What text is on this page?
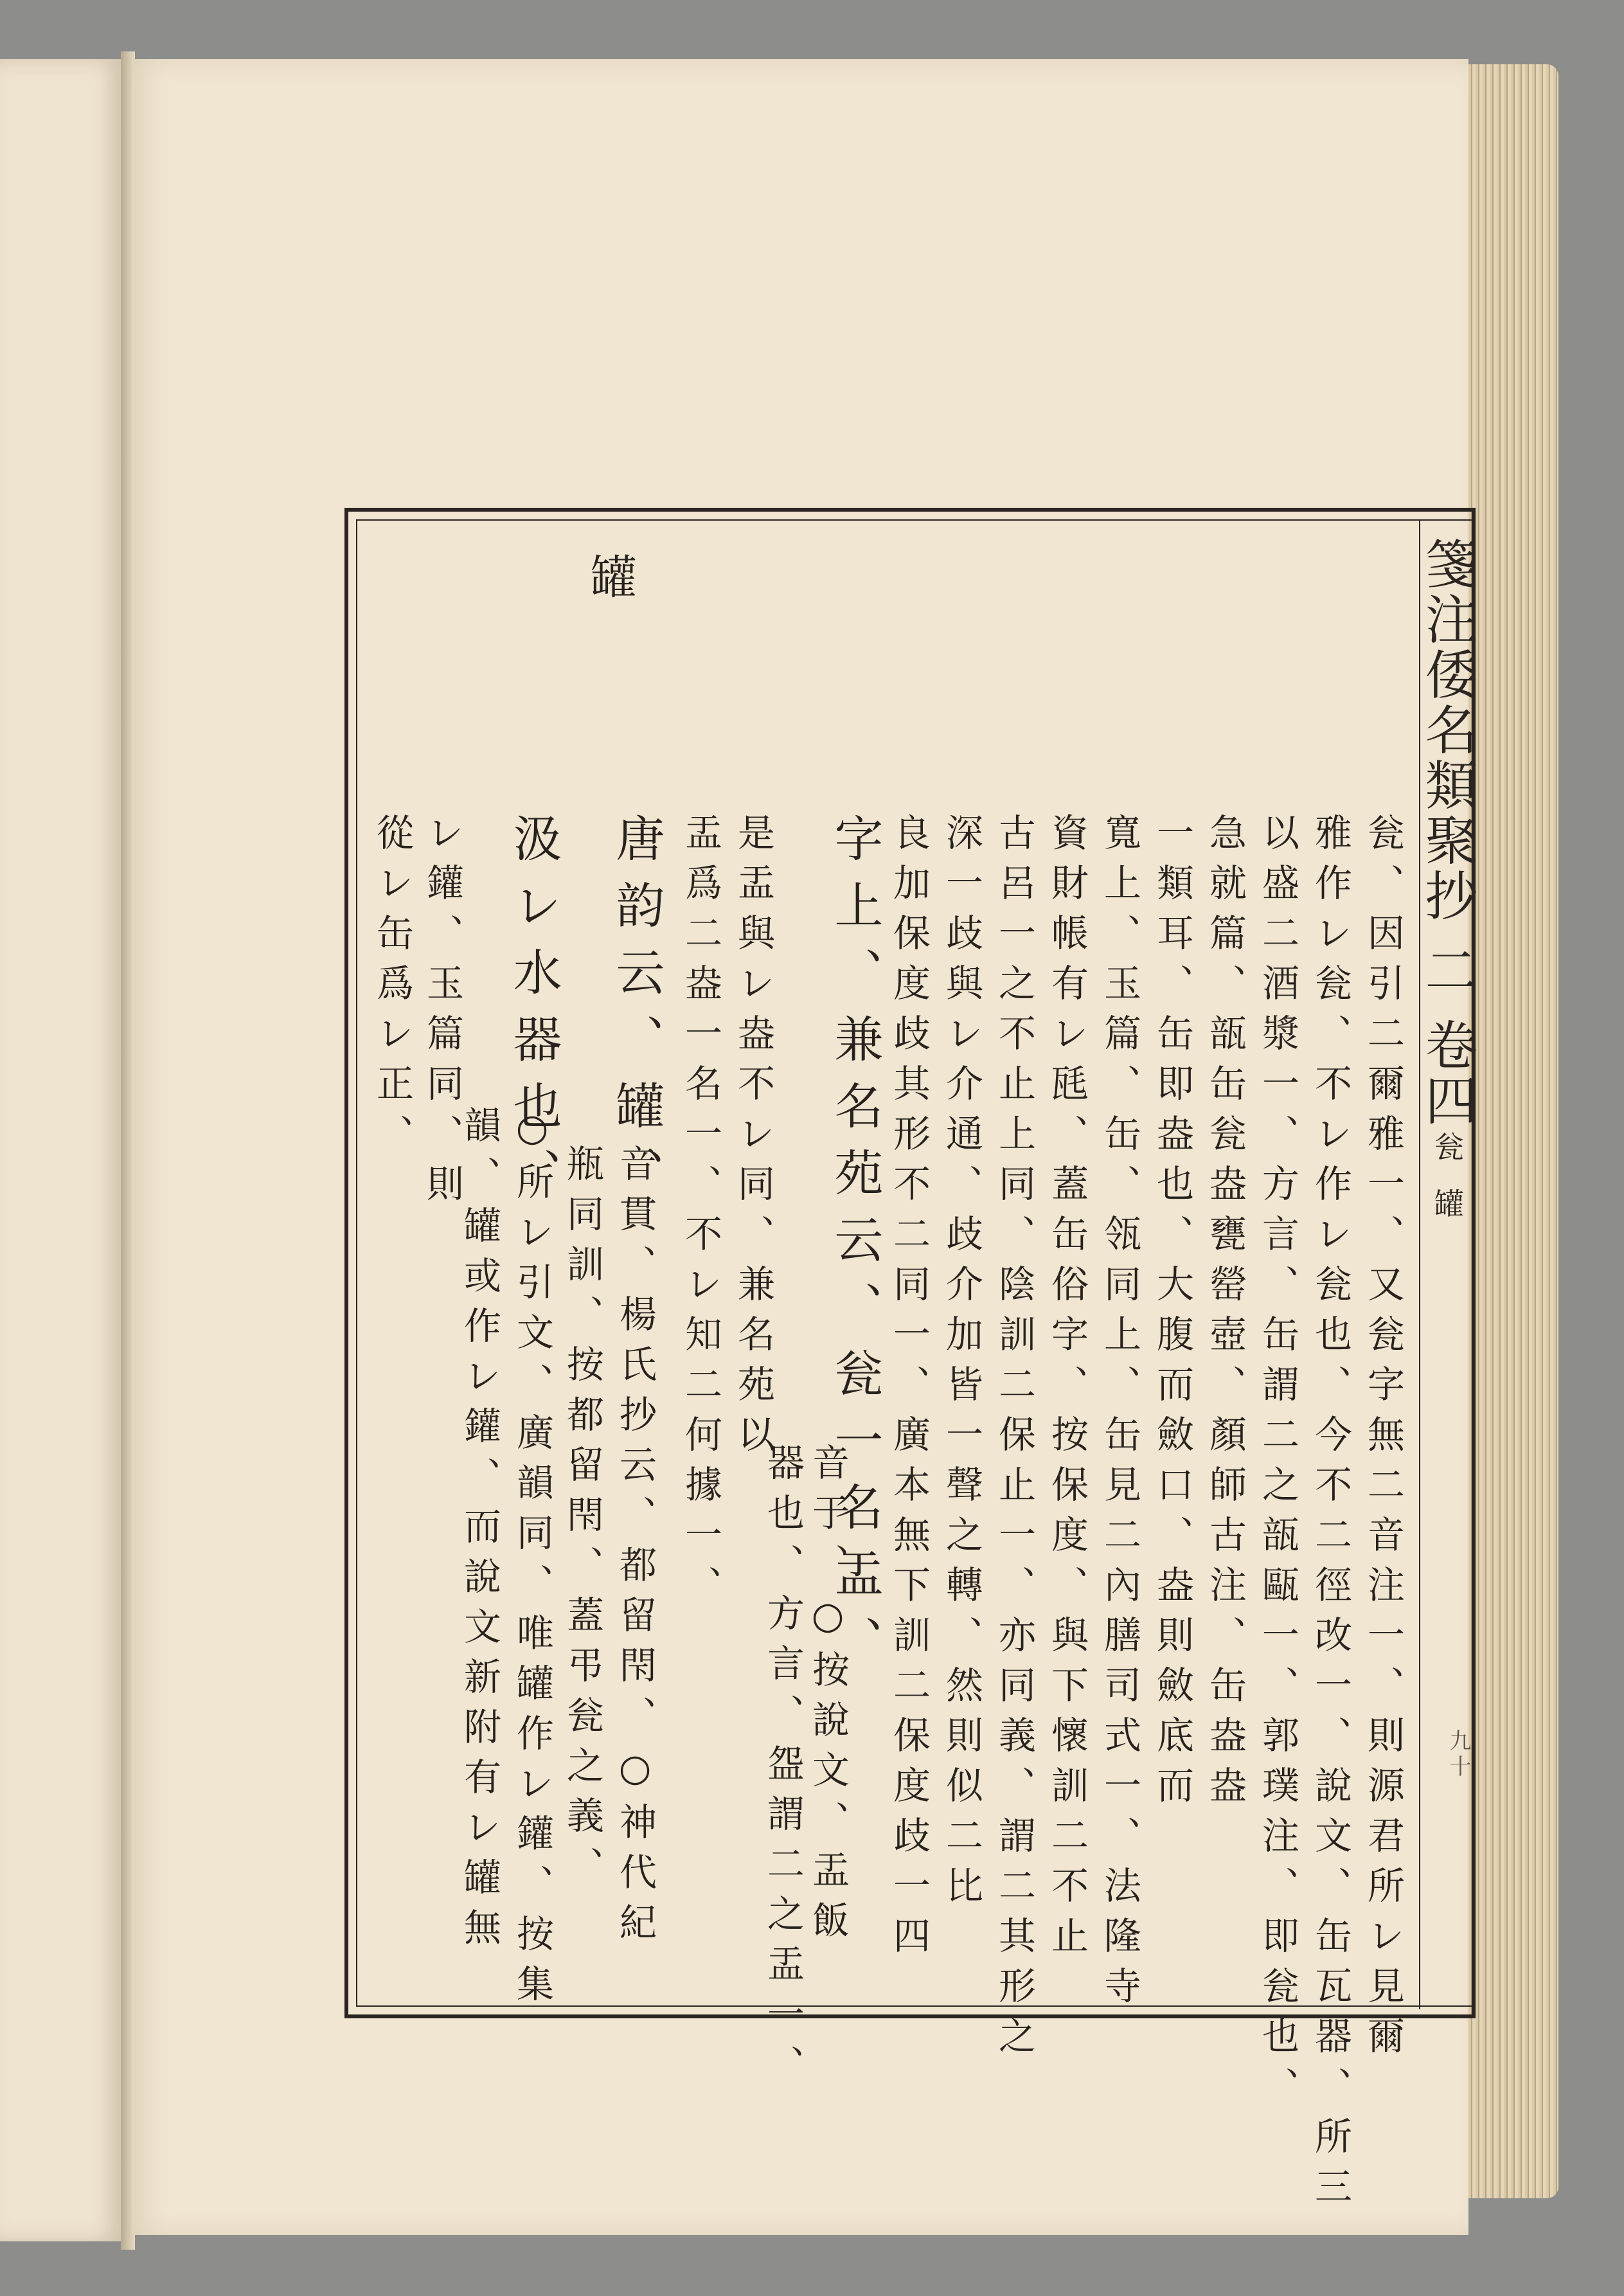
箋注倭名類聚抄 二 卷四
瓮 罐
九十
罐
瓮、因引二爾雅一、又瓮字無二音注一、則源君所レ見爾
雅作レ瓮、不レ作レ瓮也、今不二徑改一、說文、缶瓦器、所三
以盛二酒漿一、方言、缶謂二之瓿甌一、郭璞注、即瓮也、
急就篇、瓿缶瓮盎甕罃壺、顏師古注、缶盎盎
一類耳、缶即盎也、大腹而斂口、盎則斂底而
寬上、玉篇、缶、瓴同上、缶見二內膳司式一、法隆寺
資財帳有レ瓱、蓋缶俗字、按保度、與下懷訓二不止
古呂一之不止上同、陰訓二保止一、亦同義、謂二其形之
深一歧與レ介通、歧介加皆一聲之轉、然則似二比
良加保度歧其形不二同一、廣本無下訓二保度歧一四
字上、兼名苑云、瓮一名盂、
音于、○按說文、盂飯
器也、方言、盌謂二之盂一、
是盂與レ盎不レ同、兼名苑以
盂爲二盎一名一、不レ知二何據一、
唐韵云、罐、
音貫、楊氏抄云、都留閇、○神代紀
瓶同訓、按都留閇、蓋弔瓮之義、
汲レ水器也、
○所レ引文、廣韻同、唯罐作レ鑵、按集
韻、罐或作レ鑵、而說文新附有レ罐無
レ鑵、玉篇同、則
從レ缶爲レ正、
